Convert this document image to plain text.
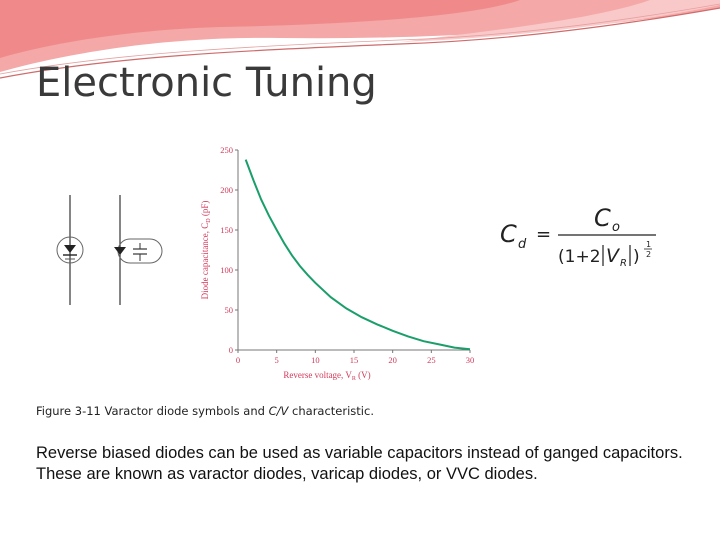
Electronic Tuning
0
50
100
150
200
250
0	5	10	15	20	25	30
Reverse voltage, $V_R$ (V)
Diode capacitance, $C_D$ (pF)
C d =
C o
(1+2 V R )
1
2
Figure 3-11 Varactor diode symbols and C/V characteristic.
Reverse biased diodes can be used as variable capacitors instead of ganged capacitors. These are known as varactor diodes, varicap diodes, or VVC diodes.
